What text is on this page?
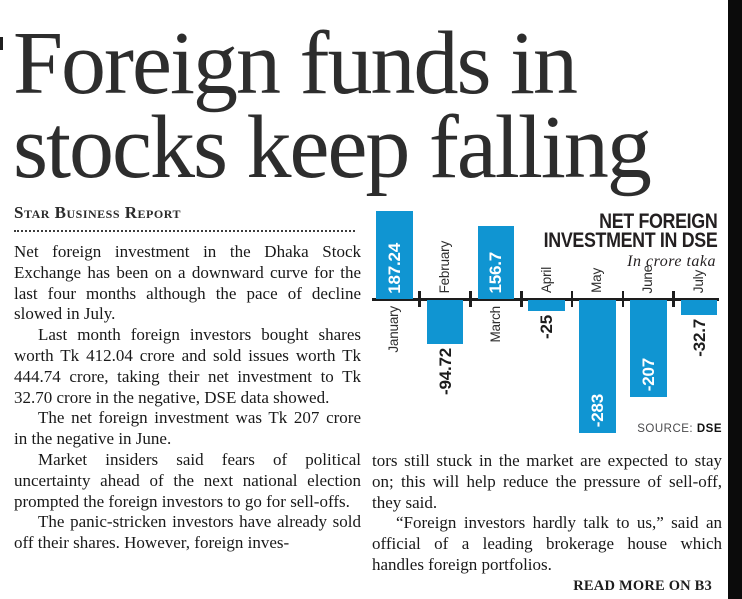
Foreign funds in
stocks keep falling
Star Business Report

Net foreign investment in the Dhaka Stock Exchange has been on a downward curve for the last four months although the pace of decline slowed in July.

Last month foreign investors bought shares worth Tk 412.04 crore and sold issues worth Tk 444.74 crore, taking their net investment to Tk 32.70 crore in the negative, DSE data showed.

The net foreign investment was Tk 207 crore in the negative in June.

Market insiders said fears of political uncertainty ahead of the next national election prompted the foreign investors to go for sell-offs.

The panic-stricken investors have already sold off their shares. However, foreign inves-

January
187.24 February
-94.72
March
156.7 April
-25
May
-283
June
-207
July
-32.7
NET FOREIGN
INVESTMENT IN DSE
In crore taka
SOURCE: DSE

tors still stuck in the market are expected to stay on; this will help reduce the pressure of sell-off, they said.

“Foreign investors hardly talk to us,” said an official of a leading brokerage house which handles foreign portfolios.

READ MORE ON B3
